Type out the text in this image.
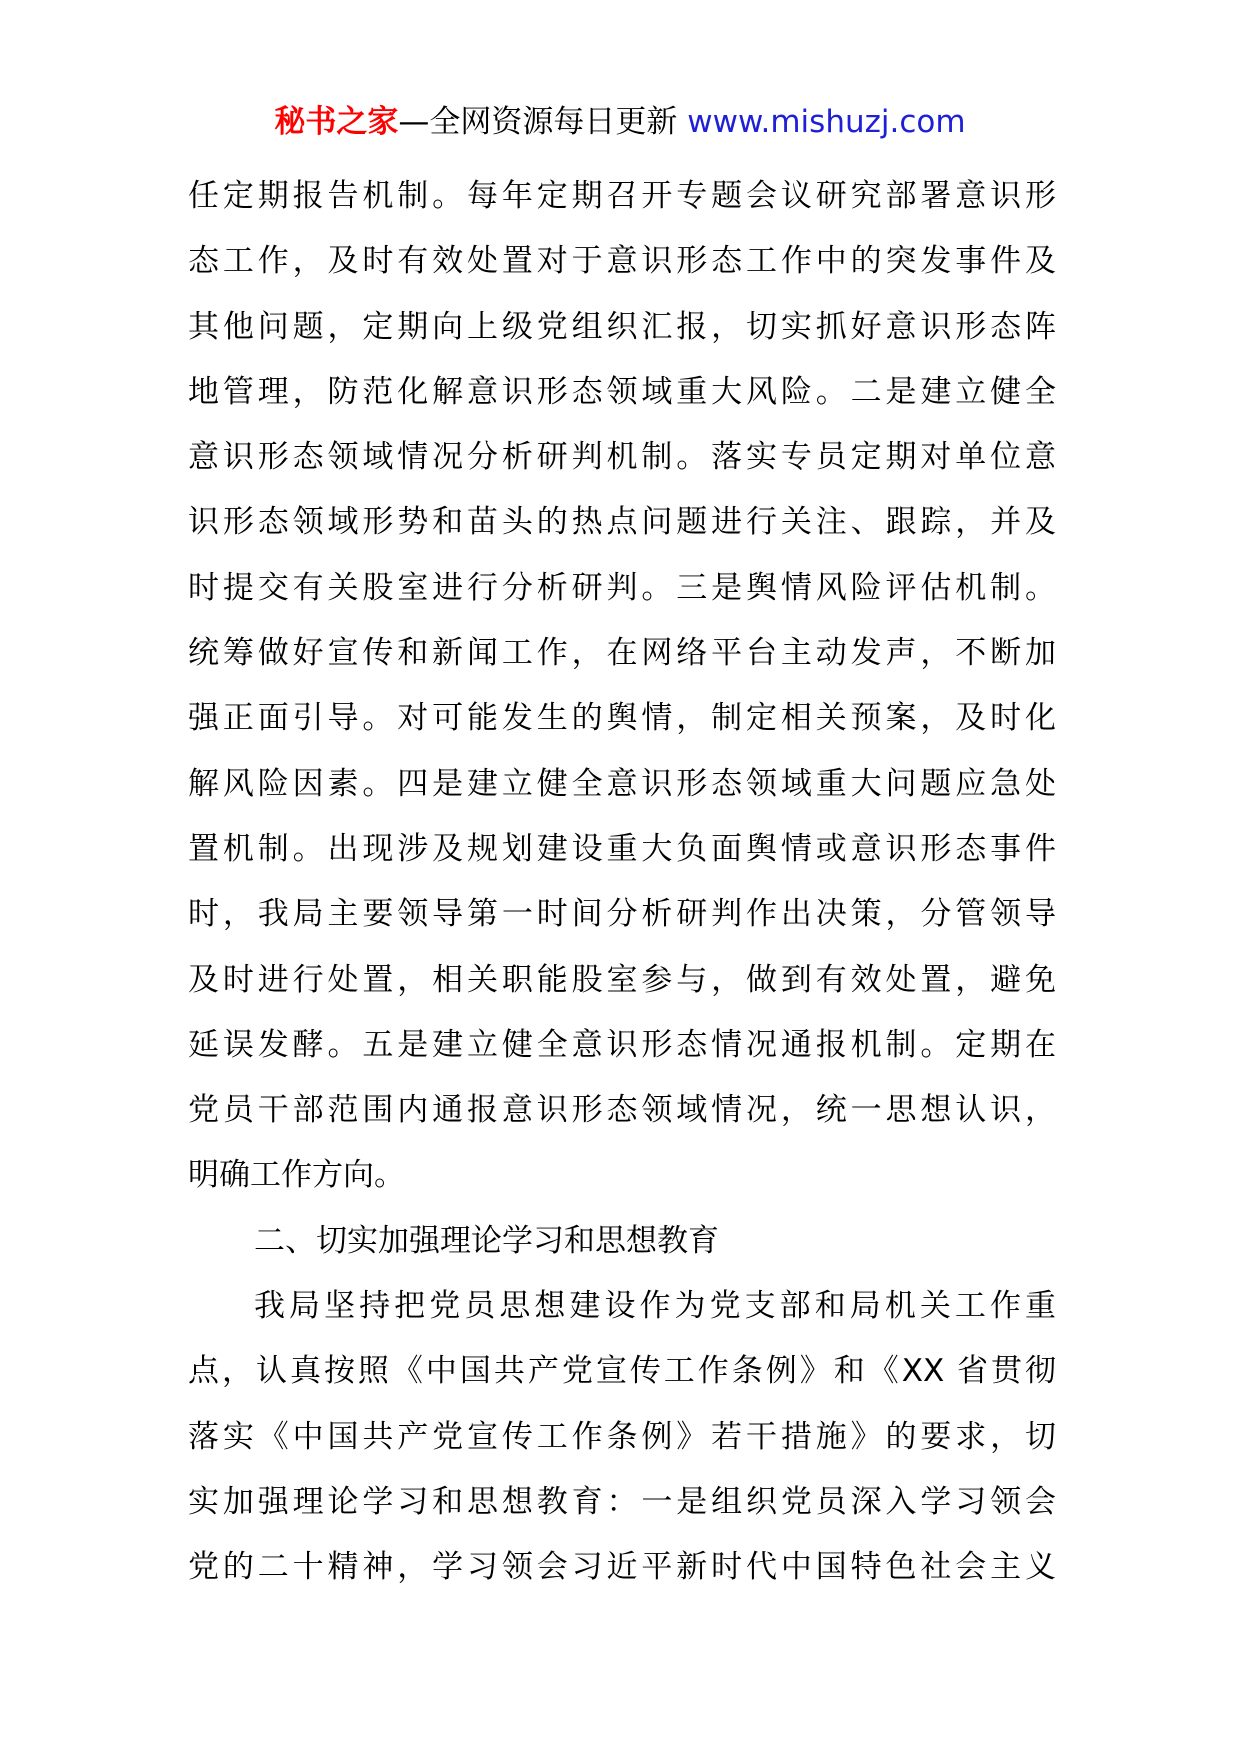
秘书之家—全网资源每日更新 www.mishuzj.com
任定期报告机制。每年定期召开专题会议研究部署意识形
态工作，及时有效处置对于意识形态工作中的突发事件及
其他问题，定期向上级党组织汇报，切实抓好意识形态阵
地管理，防范化解意识形态领域重大风险。二是建立健全
意识形态领域情况分析研判机制。落实专员定期对单位意
识形态领域形势和苗头的热点问题进行关注、跟踪，并及
时提交有关股室进行分析研判。三是舆情风险评估机制。
统筹做好宣传和新闻工作，在网络平台主动发声，不断加
强正面引导。对可能发生的舆情，制定相关预案，及时化
解风险因素。四是建立健全意识形态领域重大问题应急处
置机制。出现涉及规划建设重大负面舆情或意识形态事件
时，我局主要领导第一时间分析研判作出决策，分管领导
及时进行处置，相关职能股室参与，做到有效处置，避免
延误发酵。五是建立健全意识形态情况通报机制。定期在
党员干部范围内通报意识形态领域情况，统一思想认识，
明确工作方向。
二、切实加强理论学习和思想教育
我局坚持把党员思想建设作为党支部和局机关工作重
点，认真按照《中国共产党宣传工作条例》和《XX 省贯彻
落实《中国共产党宣传工作条例》若干措施》的要求，切
实加强理论学习和思想教育：一是组织党员深入学习领会
党的二十精神，学习领会习近平新时代中国特色社会主义
